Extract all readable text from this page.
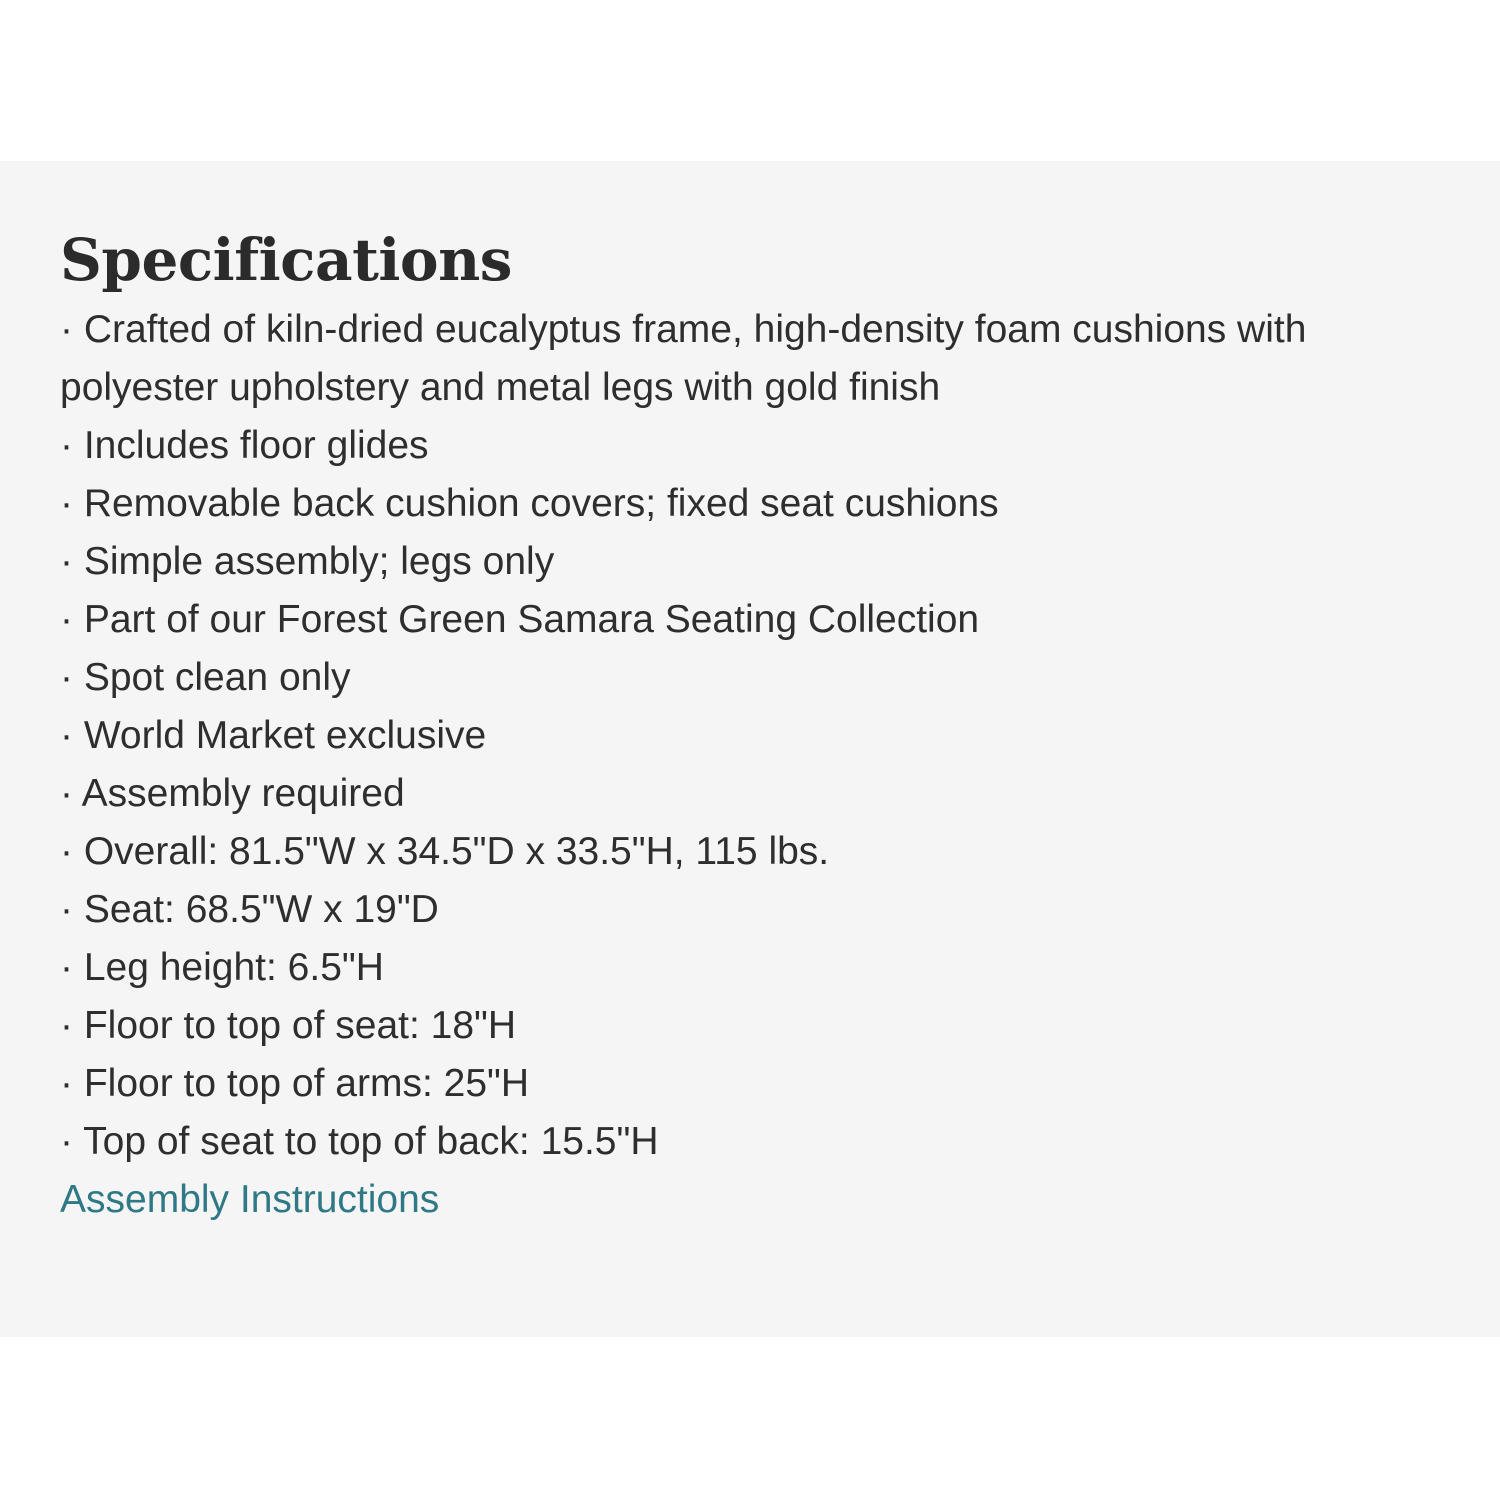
Specifications
· Crafted of kiln-dried eucalyptus frame, high-density foam cushions with polyester upholstery and metal legs with gold finish
· Includes floor glides
· Removable back cushion covers; fixed seat cushions
· Simple assembly; legs only
· Part of our Forest Green Samara Seating Collection
· Spot clean only
· World Market exclusive
· Assembly required
· Overall: 81.5"W x 34.5"D x 33.5"H, 115 lbs.
· Seat: 68.5"W x 19"D
· Leg height: 6.5"H
· Floor to top of seat: 18"H
· Floor to top of arms: 25"H
· Top of seat to top of back: 15.5"H
Assembly Instructions
